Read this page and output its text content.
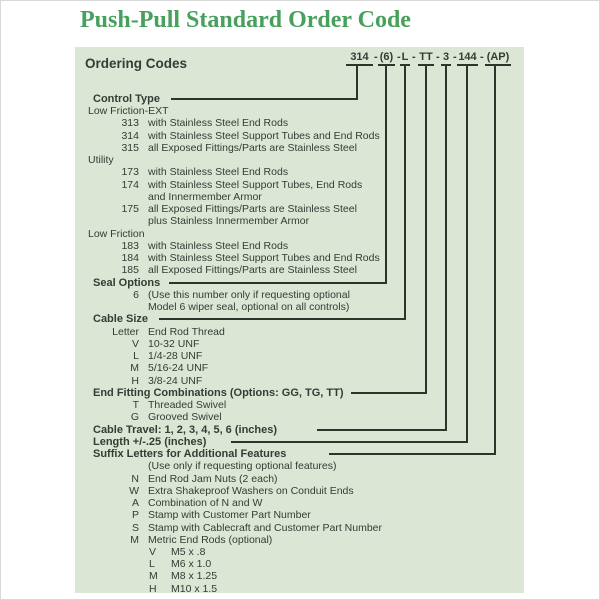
Push-Pull Standard Order Code
Ordering Codes	314 - (6) - L - TT - 3 - 144 - (AP)
Control Type
Low Friction-EXT
313 with Stainless Steel End Rods
314 with Stainless Steel Support Tubes and End Rods
315 all Exposed Fittings/Parts are Stainless Steel
Utility
173 with Stainless Steel End Rods
174 with Stainless Steel Support Tubes, End Rods
and Innermember Armor
175 all Exposed Fittings/Parts are Stainless Steel
plus Stainless Innermember Armor
Low Friction
183 with Stainless Steel End Rods
184 with Stainless Steel Support Tubes and End Rods
185 all Exposed Fittings/Parts are Stainless Steel
Seal Options
6 (Use this number only if requesting optional
Model 6 wiper seal, optional on all controls)
Cable Size
Letter End Rod Thread
V 10-32 UNF
L 1/4-28 UNF
M 5/16-24 UNF
H 3/8-24 UNF
End Fitting Combinations (Options: GG, TG, TT)
T Threaded Swivel
G Grooved Swivel
Cable Travel: 1, 2, 3, 4, 5, 6 (inches)
Length +/-.25 (inches)
Suffix Letters for Additional Features
(Use only if requesting optional features)
N End Rod Jam Nuts (2 each)
W Extra Shakeproof Washers on Conduit Ends
A Combination of N and W
P Stamp with Customer Part Number
S Stamp with Cablecraft and Customer Part Number
M Metric End Rods (optional)
V M5 x .8
L M6 x 1.0
M M8 x 1.25
H M10 x 1.5
